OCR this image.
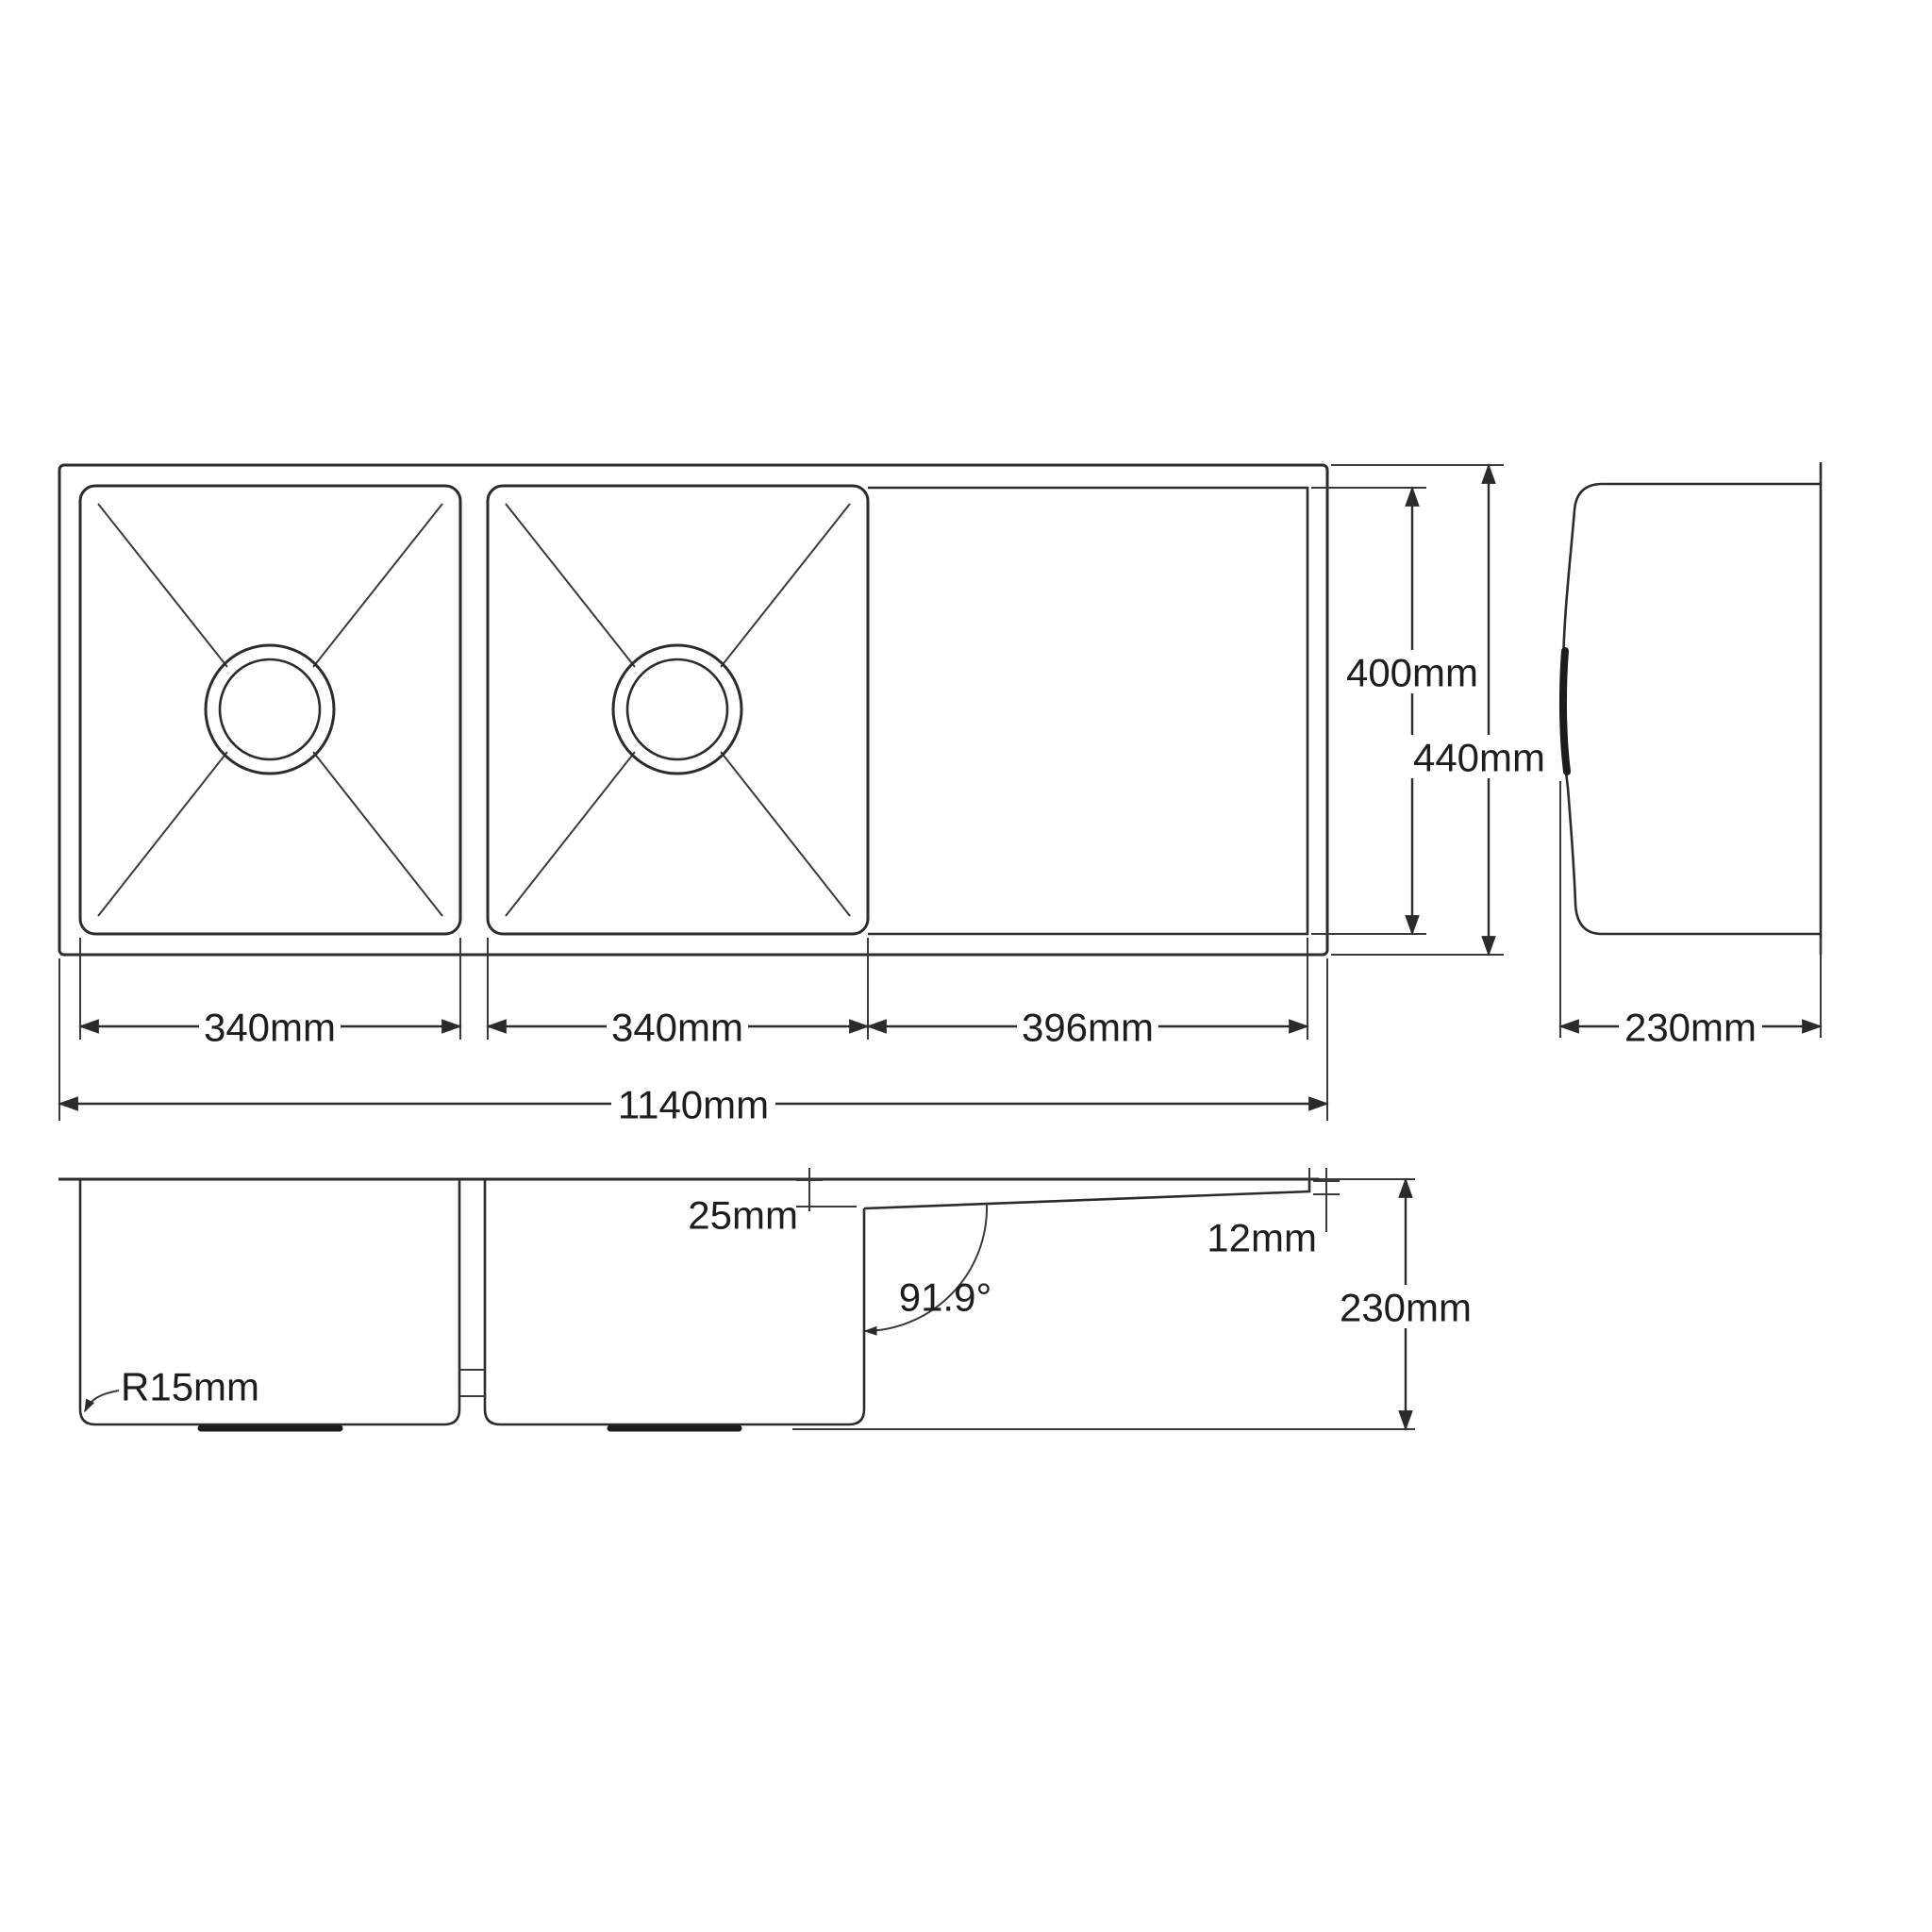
340mm	340mm	396mm
1140mm
400mm
440mm
230mm
25mm
12mm
91.9°
R15mm
230mm
